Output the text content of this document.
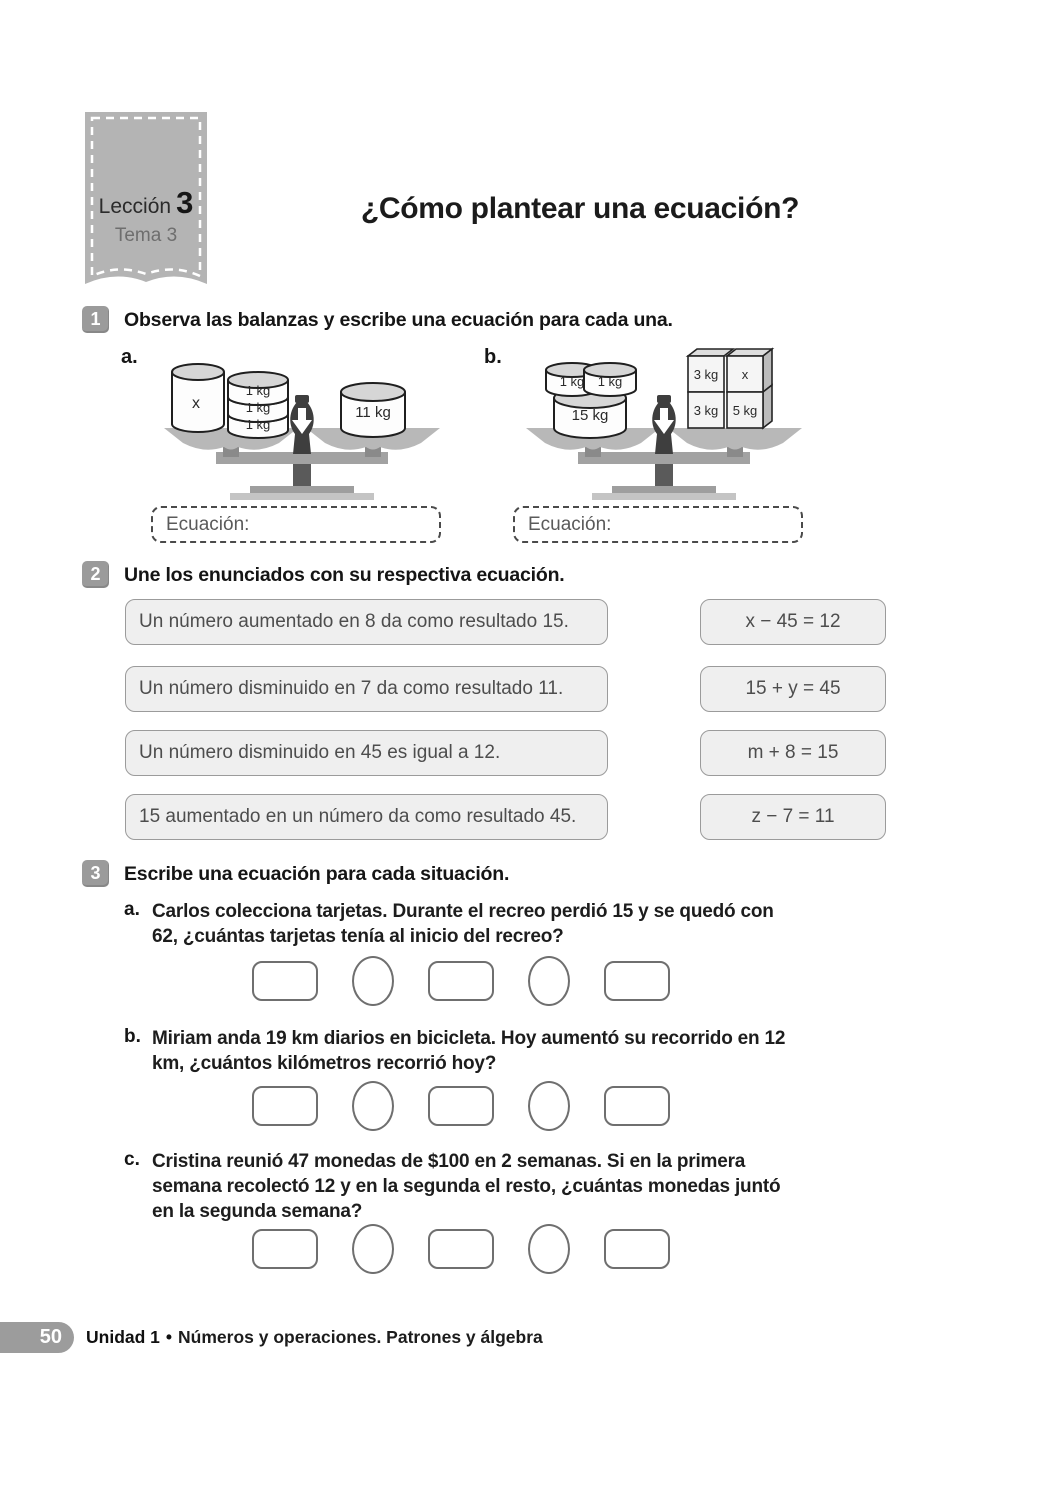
Lección 3
Tema 3
¿Cómo plantear una ecuación?
1	Observa las balanzas y escribe una ecuación para cada una.
a.
x
1 kg
1 kg
1 kg
11 kg
Ecuación:
b.
15 kg
1 kg 1 kg	3 kg x
3 kg 5 kg
Ecuación:
2	Une los enunciados con su respectiva ecuación.
Un número aumentado en 8 da como resultado 15.
Un número disminuido en 7 da como resultado 11.
Un número disminuido en 45 es igual a 12.
15 aumentado en un número da como resultado 45.
x − 45 = 12
15 + y = 45
m + 8 = 15
z − 7 = 11
3	Escribe una ecuación para cada situación.
a. Carlos colecciona tarjetas. Durante el recreo perdió 15 y se quedó con 62, ¿cuántas tarjetas tenía al inicio del recreo?
b. Miriam anda 19 km diarios en bicicleta. Hoy aumentó su recorrido en 12 km, ¿cuántos kilómetros recorrió hoy?
c. Cristina reunió 47 monedas de $100 en 2 semanas. Si en la primera semana recolectó 12 y en la segunda el resto, ¿cuántas monedas juntó en la segunda semana?
50	Unidad 1 • Números y operaciones. Patrones y álgebra
